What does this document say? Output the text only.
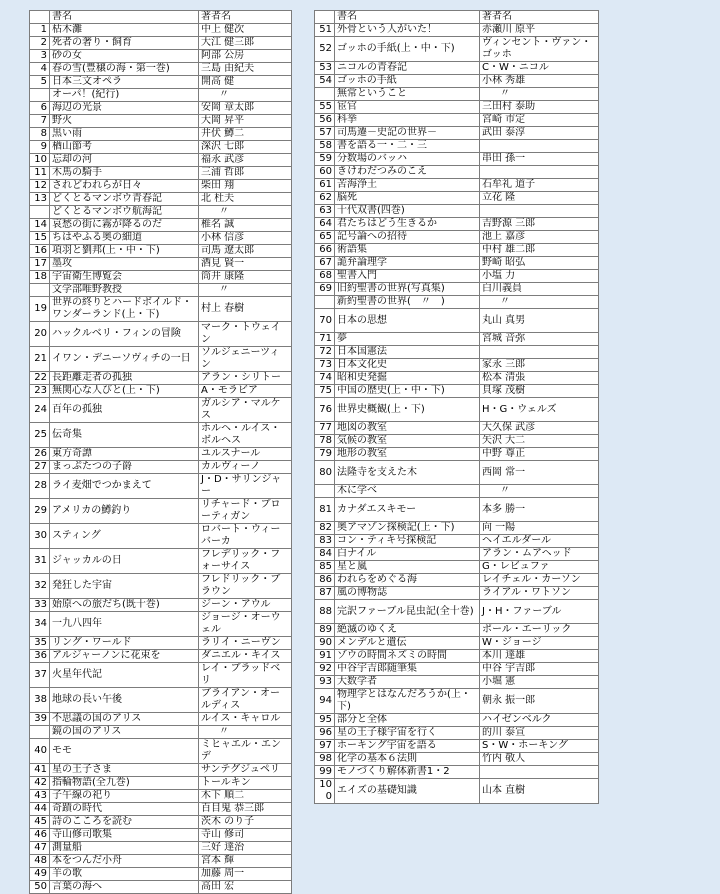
	書名	著者名
1	枯木灘	中上 健次
2	死者の奢り・飼育	大江 健三郎
3	砂の女	阿部 公房
4	春の雪(豊穣の海・第一巻)	三島 由紀夫
5	日本三文オペラ	開高 健
	オーパ！(紀行)	〃
6	海辺の光景	安岡 章太郎
7	野火	大岡 昇平
8	黒い雨	井伏 鱒二
9	楢山節考	深沢 七郎
10	忘却の河	福永 武彦
11	木馬の騎手	三浦 哲郎
12	されどわれらが日々	柴田 翔
13	どくとるマンボウ青春記	北 杜夫
	どくとるマンボウ航海記	〃
14	哀愁の街に霧が降るのだ	椎名 誠
15	ちはやふる奥の細道	小林 信彦
16	項羽と劉邦(上・中・下)	司馬 遼太郎
17	墨攻	酒見 賢一
18	宇宙衛生博覧会	筒井 康隆
	文学部唯野教授	〃
19	世界の終りとハードボイルド・ワンダーランド(上・下)	村上 春樹
20	ハックルベリ・フィンの冒険	マーク・トウェイン
21	イワン・デニーソヴィチの一日	ソルジェニーツィン
22	長距離走者の孤独	アラン・シリトー
23	無関心な人びと(上・下)	A・モラビア
24	百年の孤独	ガルシア・マルケス
25	伝奇集	ホルヘ・ルイス・ボルヘス
26	東方奇譚	ユルスナール
27	まっぷたつの子爵	カルヴィーノ
28	ライ麦畑でつかまえて	J・D・サリンジャー
29	アメリカの鱒釣り	リチャード・ブローティガン
30	スティング	ロバート・ウィーバーカ
31	ジャッカルの日	フレデリック・フォーサイス
32	発狂した宇宙	フレドリック・ブラウン
33	始原への旅だち(既十巻)	ジーン・アウル
34	一九八四年	ジョージ・オーウェル
35	リング・ワールド	ラリイ・ニーヴン
36	アルジャーノンに花束を	ダニエル・キイス
37	火星年代記	レイ・ブラッドベリ
38	地球の長い午後	ブライアン・オールディス
39	不思議の国のアリス	ルイス・キャロル
	鏡の国のアリス	〃
40	モモ	ミヒャエル・エンデ
41	星の王子さま	サンテグジュペリ
42	指輪物語(全九巻)	トールキン
43	子午線の祀り	木下 順二
44	奇蹟の時代	百目鬼 恭三郎
45	詩のこころを読む	茨木 のり子
46	寺山修司歌集	寺山 修司
47	測量船	三好 達治
48	本をつんだ小舟	宮本 輝
49	羊の歌	加藤 周一
50	言葉の海へ	高田 宏
	書名	著者名
51	外骨という人がいた！	赤瀬川 原平
52	ゴッホの手紙(上・中・下)	ヴィンセント・ヴァン・ゴッホ
53	ニコルの青春記	C・W・ニコル
54	ゴッホの手紙	小林 秀雄
	無常ということ	〃
55	宦官	三田村 泰助
56	科挙	宮崎 市定
57	司馬遷－史記の世界－	武田 泰淳
58	書を語る一・二・三	
59	分数場のバッハ	串田 孫一
60	きけわだつみのこえ	
61	苦海浄土	石牟礼 道子
62	脳死	立花 隆
63	十代双書(四巻)	
64	君たちはどう生きるか	吉野源 三郎
65	記号論への招待	池上 嘉彦
66	術語集	中村 雄二郎
67	詭弁論理学	野崎 昭弘
68	聖書入門	小塩 力
69	旧約聖書の世界(写真集)	白川義員
	新約聖書の世界(　〃　)	〃
70	日本の思想	丸山 真男
71	夢	宮城 音弥
72	日本国憲法	
73	日本文化史	家永 三郎
74	昭和史発掘	松本 清張
75	中国の歴史(上・中・下)	貝塚 茂樹
76	世界史概観(上・下)	H・G・ウェルズ
77	地図の教室	大久保 武彦
78	気候の教室	矢沢 大二
79	地形の教室	中野 尊正
80	法隆寺を支えた木	西岡 常一
	木に学べ	〃
81	カナダエスキモー	本多 勝一
82	奥アマゾン探検記(上・下)	向 一陽
83	コン・ティキ号探検記	ヘイエルダール
84	白ナイル	アラン・ムアヘッド
85	星と嵐	G・レビュファ
86	われらをめぐる海	レイチェル・カーソン
87	風の博物誌	ライアル・ワトソン
88	完訳ファーブル昆虫記(全十巻)	J・H・ファーブル
89	絶滅のゆくえ	ポール・エーリック
90	メンデルと遺伝	W・ジョージ
91	ゾウの時間ネズミの時間	本川 達雄
92	中谷宇吉郎随筆集	中谷 宇吉郎
93	大数学者	小堀 憲
94	物理学とはなんだろうか(上・下)	朝永 振一郎
95	部分と全体	ハイゼンベルク
96	星の王子様宇宙を行く	的川 泰宣
97	ホーキング宇宙を語る	S・W・ホーキング
98	化学の基本６法則	竹内 敬人
99	モノづくり解体新書1・2	
100	エイズの基礎知識	山本 直樹
